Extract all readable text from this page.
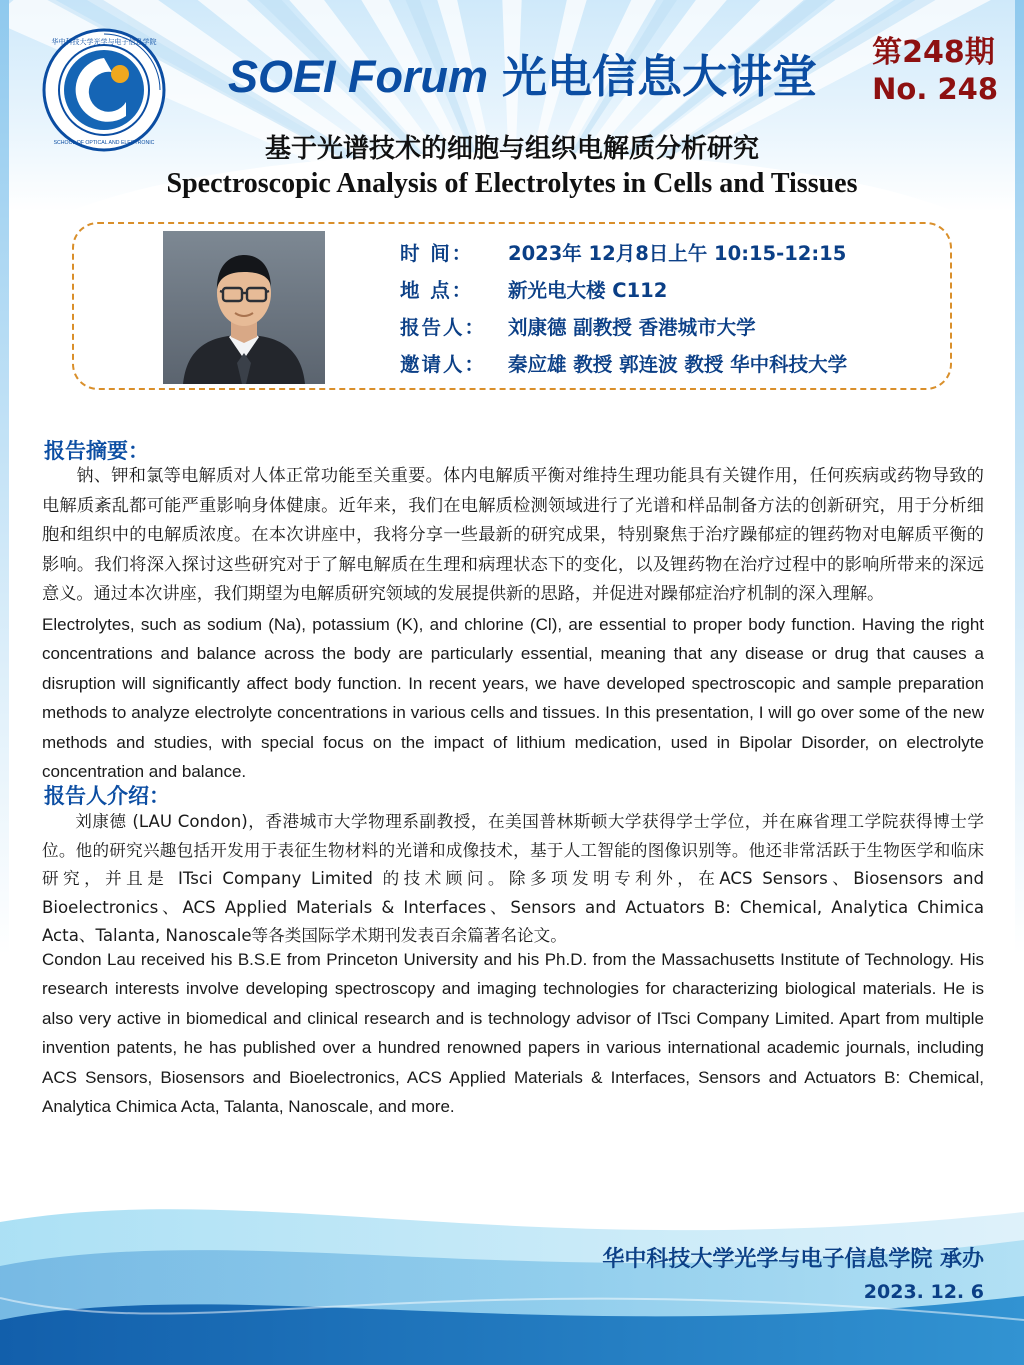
华中科技大学光学与电子信息学院
SCHOOL OF OPTICAL AND ELECTRONIC
SOEI Forum 光电信息大讲堂	第248期
No. 248
基于光谱技术的细胞与组织电解质分析研究
Spectroscopic Analysis of Electrolytes in Cells and Tissues
时 间：	2023年 12月8日上午 10:15-12:15
地 点：	新光电大楼 C112
报告人：	刘康德 副教授 香港城市大学
邀请人：	秦应雄 教授 郭连波 教授 华中科技大学
报告摘要：
钠、钾和氯等电解质对人体正常功能至关重要。体内电解质平衡对维持生理功能具有关键作用，任何疾病或药物导致的电解质紊乱都可能严重影响身体健康。近年来，我们在电解质检测领域进行了光谱和样品制备方法的创新研究，用于分析细胞和组织中的电解质浓度。在本次讲座中，我将分享一些最新的研究成果，特别聚焦于治疗躁郁症的锂药物对电解质平衡的影响。我们将深入探讨这些研究对于了解电解质在生理和病理状态下的变化，以及锂药物在治疗过程中的影响所带来的深远意义。通过本次讲座，我们期望为电解质研究领域的发展提供新的思路，并促进对躁郁症治疗机制的深入理解。
Electrolytes, such as sodium (Na), potassium (K), and chlorine (Cl), are essential to proper body function. Having the right concentrations and balance across the body are particularly essential, meaning that any disease or drug that causes a disruption will significantly affect body function. In recent years, we have developed spectroscopic and sample preparation methods to analyze electrolyte concentrations in various cells and tissues. In this presentation, I will go over some of the new methods and studies, with special focus on the impact of lithium medication, used in Bipolar Disorder, on electrolyte concentration and balance.
报告人介绍：
刘康德 (LAU Condon)，香港城市大学物理系副教授，在美国普林斯顿大学获得学士学位，并在麻省理工学院获得博士学位。他的研究兴趣包括开发用于表征生物材料的光谱和成像技术，基于人工智能的图像识别等。他还非常活跃于生物医学和临床研究，并且是 ITsci Company Limited 的技术顾问。除多项发明专利外，在ACS Sensors、Biosensors and Bioelectronics、ACS Applied Materials & Interfaces、Sensors and Actuators B: Chemical, Analytica Chimica Acta、Talanta, Nanoscale等各类国际学术期刊发表百余篇著名论文。
Condon Lau received his B.S.E from Princeton University and his Ph.D. from the Massachusetts Institute of Technology. His research interests involve developing spectroscopy and imaging technologies for characterizing biological materials. He is also very active in biomedical and clinical research and is technology advisor of ITsci Company Limited. Apart from multiple invention patents, he has published over a hundred renowned papers in various international academic journals, including ACS Sensors, Biosensors and Bioelectronics, ACS Applied Materials & Interfaces, Sensors and Actuators B: Chemical, Analytica Chimica Acta, Talanta, Nanoscale, and more.
华中科技大学光学与电子信息学院 承办
2023. 12. 6
